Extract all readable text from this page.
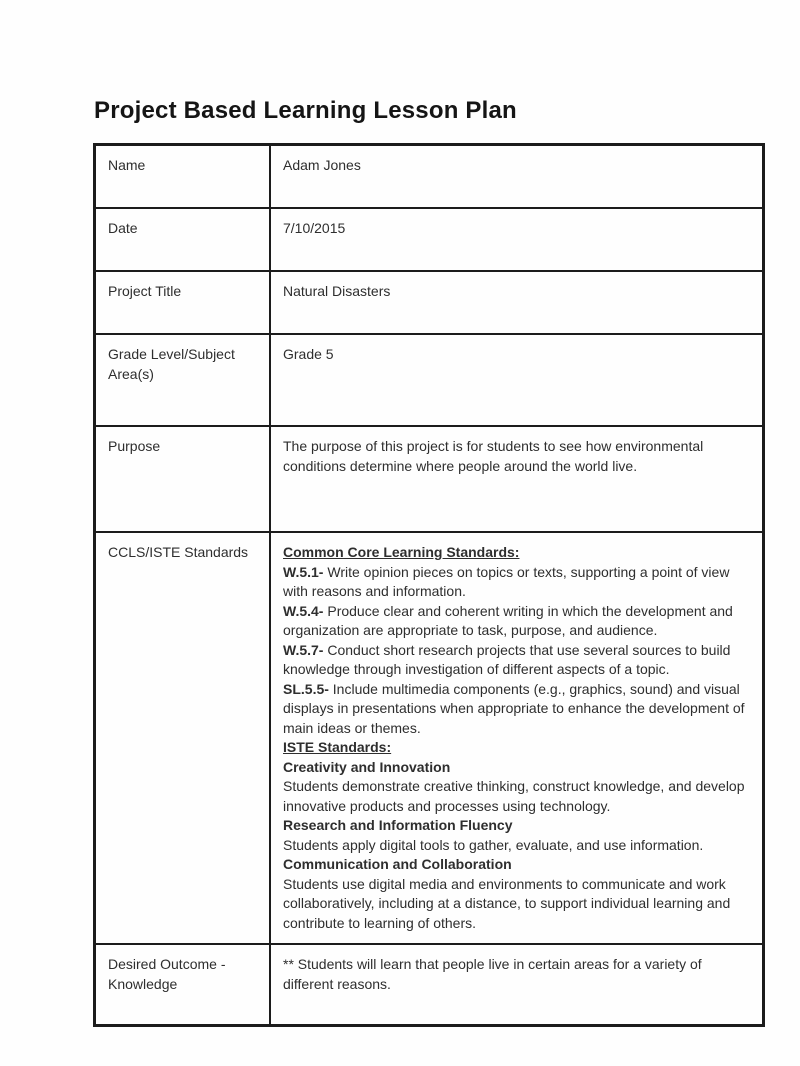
Project Based Learning Lesson Plan
Name	Adam Jones
Date	7/10/2015
Project Title	Natural Disasters
Grade Level/Subject Area(s)	Grade 5
Purpose	The purpose of this project is for students to see how environmental conditions determine where people around the world live.
CCLS/ISTE Standards	Common Core Learning Standards:

W.5.1- Write opinion pieces on topics or texts, supporting a point of view with reasons and information.

W.5.4- Produce clear and coherent writing in which the development and organization are appropriate to task, purpose, and audience.

W.5.7- Conduct short research projects that use several sources to build knowledge through investigation of different aspects of a topic.

SL.5.5- Include multimedia components (e.g., graphics, sound) and visual displays in presentations when appropriate to enhance the development of main ideas or themes.

ISTE Standards:

Creativity and Innovation

Students demonstrate creative thinking, construct knowledge, and develop innovative products and processes using technology.

Research and Information Fluency

Students apply digital tools to gather, evaluate, and use information.

Communication and Collaboration

Students use digital media and environments to communicate and work collaboratively, including at a distance, to support individual learning and contribute to learning of others.

Desired Outcome - Knowledge	** Students will learn that people live in certain areas for a variety of different reasons.
